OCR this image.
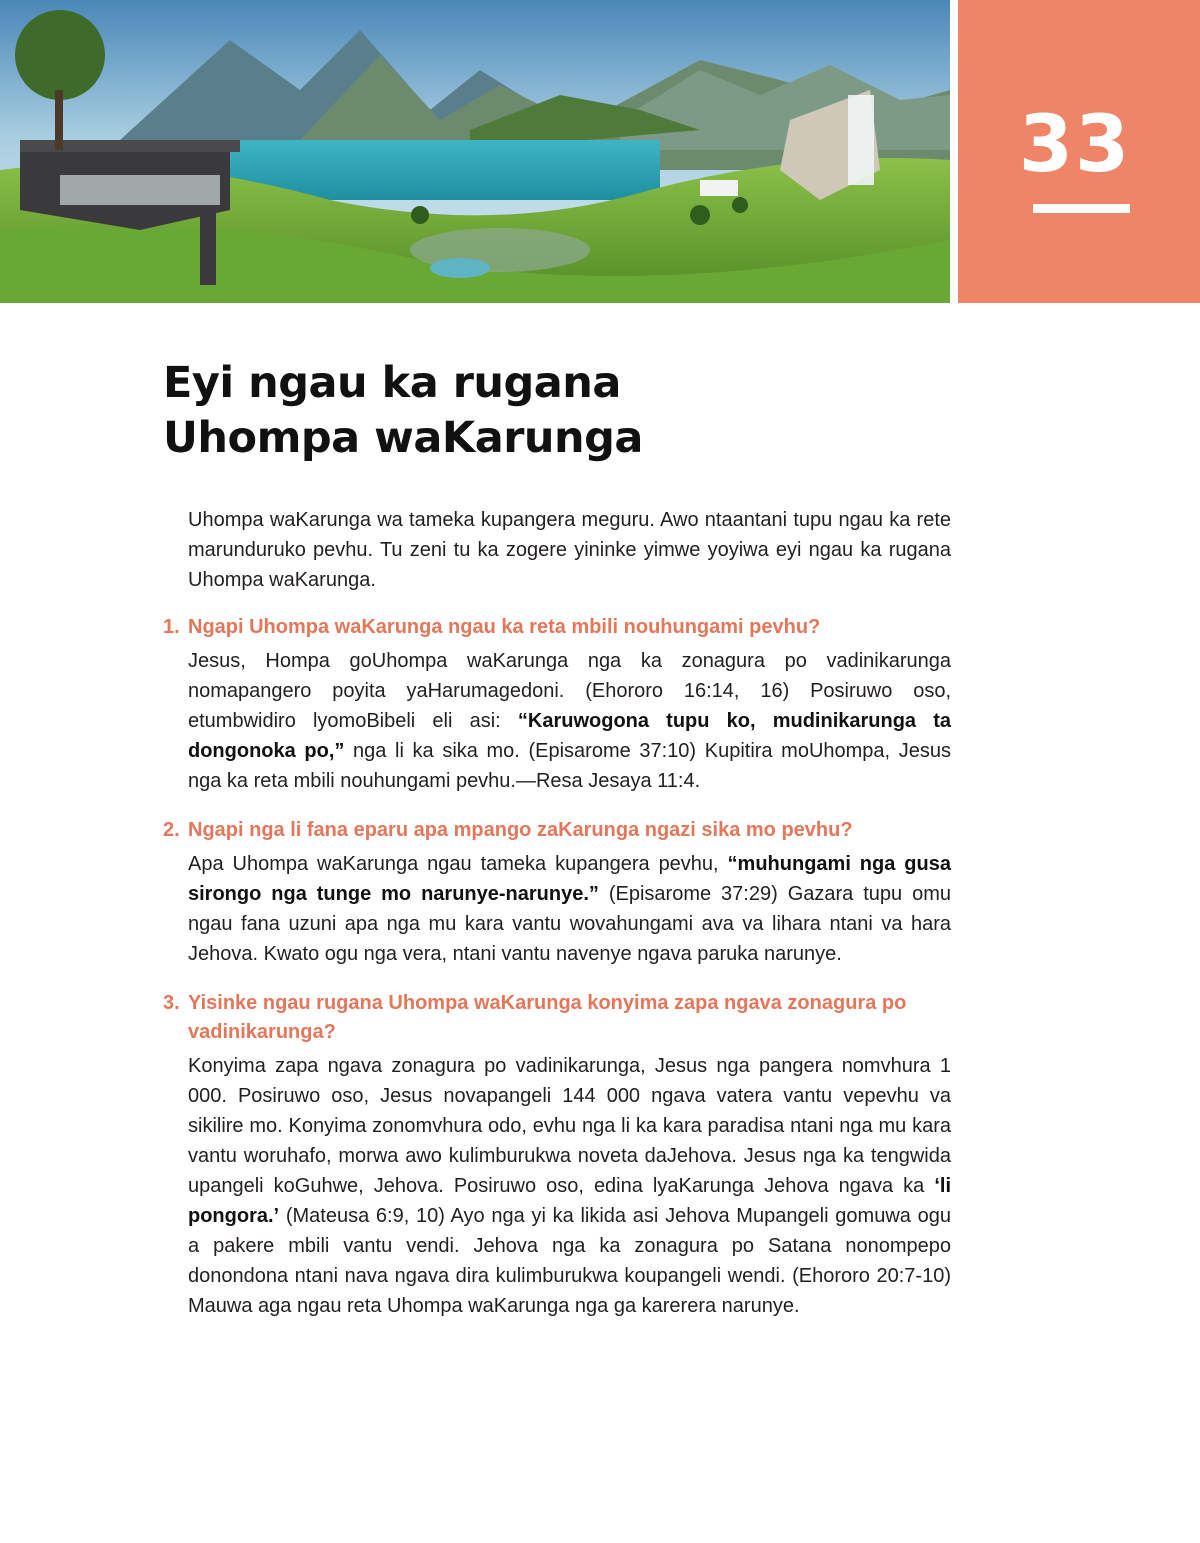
33
Eyi ngau ka rugana
Uhompa waKarunga

Uhompa waKarunga wa tameka kupangera meguru. Awo ntaantani tupu ngau ka rete marunduruko pevhu. Tu zeni tu ka zogere yininke yimwe yoyiwa eyi ngau ka rugana Uhompa waKarunga.

1. Ngapi Uhompa waKarunga ngau ka reta mbili nouhungami pevhu?

Jesus, Hompa goUhompa waKarunga nga ka zonagura po vadinikarunga nomapangero poyita yaHarumagedoni. (Ehororo 16:14, 16) Posiruwo oso, etumbwidiro lyomoBibeli eli asi: “Karuwogona tupu ko, mudinikarunga ta dongonoka po,” nga li ka sika mo. (Episarome 37:10) Kupitira moUhompa, Jesus nga ka reta mbili nouhungami pevhu.—Resa Jesaya 11:4.

2. Ngapi nga li fana eparu apa mpango zaKarunga ngazi sika mo pevhu?

Apa Uhompa waKarunga ngau tameka kupangera pevhu, “muhungami nga gusa sirongo nga tunge mo narunye-narunye.” (Episarome 37:29) Gazara tupu omu ngau fana uzuni apa nga mu kara vantu wovahungami ava va lihara ntani va hara Jehova. Kwato ogu nga vera, ntani vantu navenye ngava paruka narunye.

3. Yisinke ngau rugana Uhompa waKarunga konyima zapa ngava zonagura po vadinikarunga?

Konyima zapa ngava zonagura po vadinikarunga, Jesus nga pangera nomvhura 1 000. Posiruwo oso, Jesus novapangeli 144 000 ngava vatera vantu vepevhu va sikilire mo. Konyima zonomvhura odo, evhu nga li ka kara paradisa ntani nga mu kara vantu woruhafo, morwa awo kulimburukwa noveta daJehova. Jesus nga ka tengwida upangeli koGuhwe, Jehova. Posiruwo oso, edina lyaKarunga Jehova ngava ka ‘li pongora.’ (Mateusa 6:9, 10) Ayo nga yi ka likida asi Jehova Mupangeli gomuwa ogu a pakere mbili vantu vendi. Jehova nga ka zonagura po Satana nonompepo donondona ntani nava ngava dira kulimburukwa koupangeli wendi. (Ehororo 20:7-10) Mauwa aga ngau reta Uhompa waKarunga nga ga karerera narunye.
